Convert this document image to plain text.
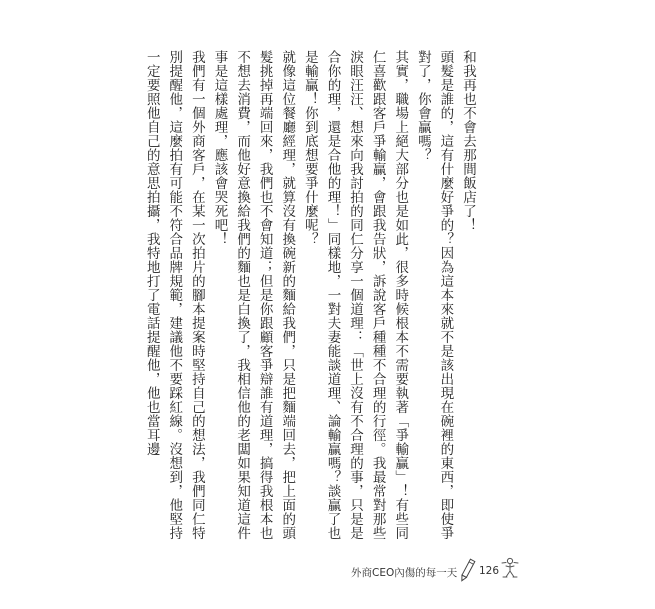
和我再也不會去那間飯店了！

頭髮是誰的，這有什麼好爭的？因為這本來就不是該出現在碗裡的東西，即使爭對了，你會贏嗎？

其實，職場上絕大部分也是如此，很多時候根本不需要執著「爭輸贏」！有些同仁喜歡跟客戶爭輸贏，會跟我告狀，訴說客戶種種不合理的行徑。我最常對那些淚眼汪汪、想來向我討拍的同仁分享一個道理：「世上沒有不合理的事，只是是合你的理，還是合他的理！」同樣地，一對夫妻能談道理、論輸贏嗎？談贏了也是輸贏！你到底想要爭什麼呢？

就像這位餐廳經理，就算沒有換碗新的麵給我們，只是把麵端回去，把上面的頭髮挑掉再端回來，我們也不會知道；但是你跟顧客爭辯誰有道理，搞得我根本也不想去消費，而他好意換給我們的麵也是白換了，我相信他的老闆如果知道這件事是這樣處理，應該會哭死吧！

我們有一個外商客戶，在某一次拍片的腳本提案時堅持自己的想法，我們同仁特別提醒他，這麼拍有可能不符合品牌規範，建議他不要踩紅線。沒想到，他堅持一定要照他自己的意思拍攝，我特地打了電話提醒他，他也當耳邊

外商CEO內傷的每一天 126
